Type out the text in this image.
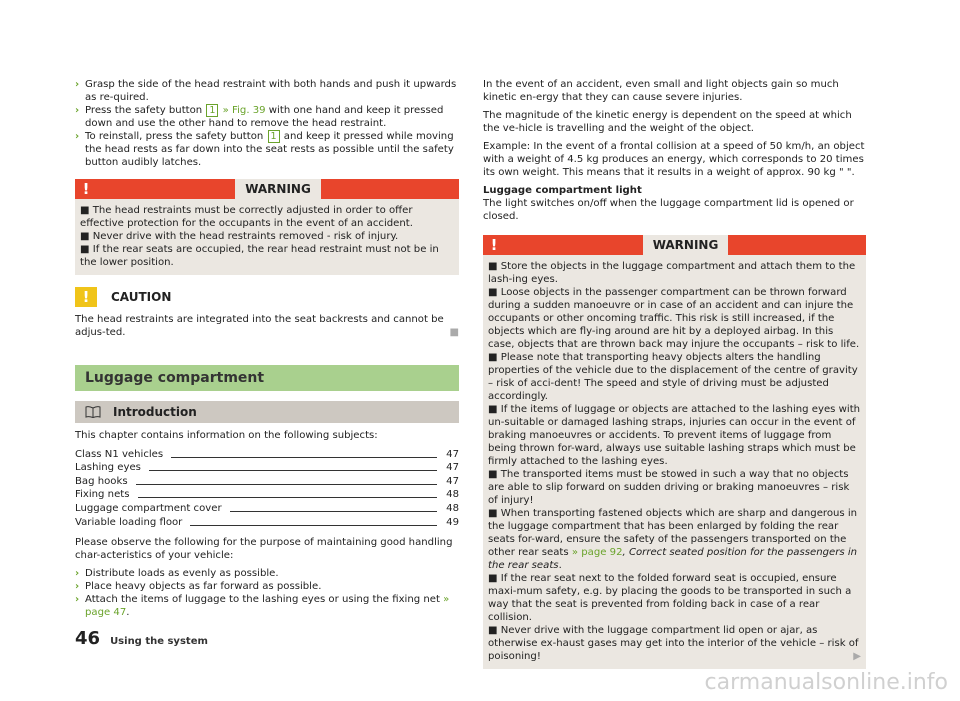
› Grasp the side of the head restraint with both hands and push it upwards as re-quired.
› Press the safety button 1 » Fig. 39 with one hand and keep it pressed down and use the other hand to remove the head restraint.
› To reinstall, press the safety button 1 and keep it pressed while moving the head rests as far down into the seat rests as possible until the safety button audibly latches.
!	WARNING

■ The head restraints must be correctly adjusted in order to offer effective protection for the occupants in the event of an accident.

■ Never drive with the head restraints removed - risk of injury.

■ If the rear seats are occupied, the rear head restraint must not be in the lower position.

!	CAUTION

The head restraints are integrated into the seat backrests and cannot be adjus-ted.	■

Luggage compartment
Introduction

This chapter contains information on the following subjects:

Class N1 vehicles	47
Lashing eyes	47
Bag hooks	47
Fixing nets	48
Luggage compartment cover	48
Variable loading floor	49

Please observe the following for the purpose of maintaining good handling char-acteristics of your vehicle:

› Distribute loads as evenly as possible.
› Place heavy objects as far forward as possible.
› Attach the items of luggage to the lashing eyes or using the fixing net » page 47.

In the event of an accident, even small and light objects gain so much kinetic en-ergy that they can cause severe injuries.

The magnitude of the kinetic energy is dependent on the speed at which the ve-hicle is travelling and the weight of the object.

Example: In the event of a frontal collision at a speed of 50 km/h, an object with a weight of 4.5 kg produces an energy, which corresponds to 20 times its own weight. This means that it results in a weight of approx. 90 kg " ".

Luggage compartment light

The light switches on/off when the luggage compartment lid is opened or closed.

!	WARNING

■ Store the objects in the luggage compartment and attach them to the lash-ing eyes.

■ Loose objects in the passenger compartment can be thrown forward during a sudden manoeuvre or in case of an accident and can injure the occupants or other oncoming traffic. This risk is still increased, if the objects which are fly-ing around are hit by a deployed airbag. In this case, objects that are thrown back may injure the occupants – risk to life.

■ Please note that transporting heavy objects alters the handling properties of the vehicle due to the displacement of the centre of gravity – risk of acci-dent! The speed and style of driving must be adjusted accordingly.

■ If the items of luggage or objects are attached to the lashing eyes with un-suitable or damaged lashing straps, injuries can occur in the event of braking manoeuvres or accidents. To prevent items of luggage from being thrown for-ward, always use suitable lashing straps which must be firmly attached to the lashing eyes.

■ The transported items must be stowed in such a way that no objects are able to slip forward on sudden driving or braking manoeuvres – risk of injury!

■ When transporting fastened objects which are sharp and dangerous in the luggage compartment that has been enlarged by folding the rear seats for-ward, ensure the safety of the passengers transported on the other rear seats » page 92, Correct seated position for the passengers in the rear seats.

■ If the rear seat next to the folded forward seat is occupied, ensure maxi-mum safety, e.g. by placing the goods to be transported in such a way that the seat is prevented from folding back in case of a rear collision.

■ Never drive with the luggage compartment lid open or ajar, as otherwise ex-haust gases may get into the interior of the vehicle – risk of poisoning!	▶

46 Using the system
carmanualsonline.info
